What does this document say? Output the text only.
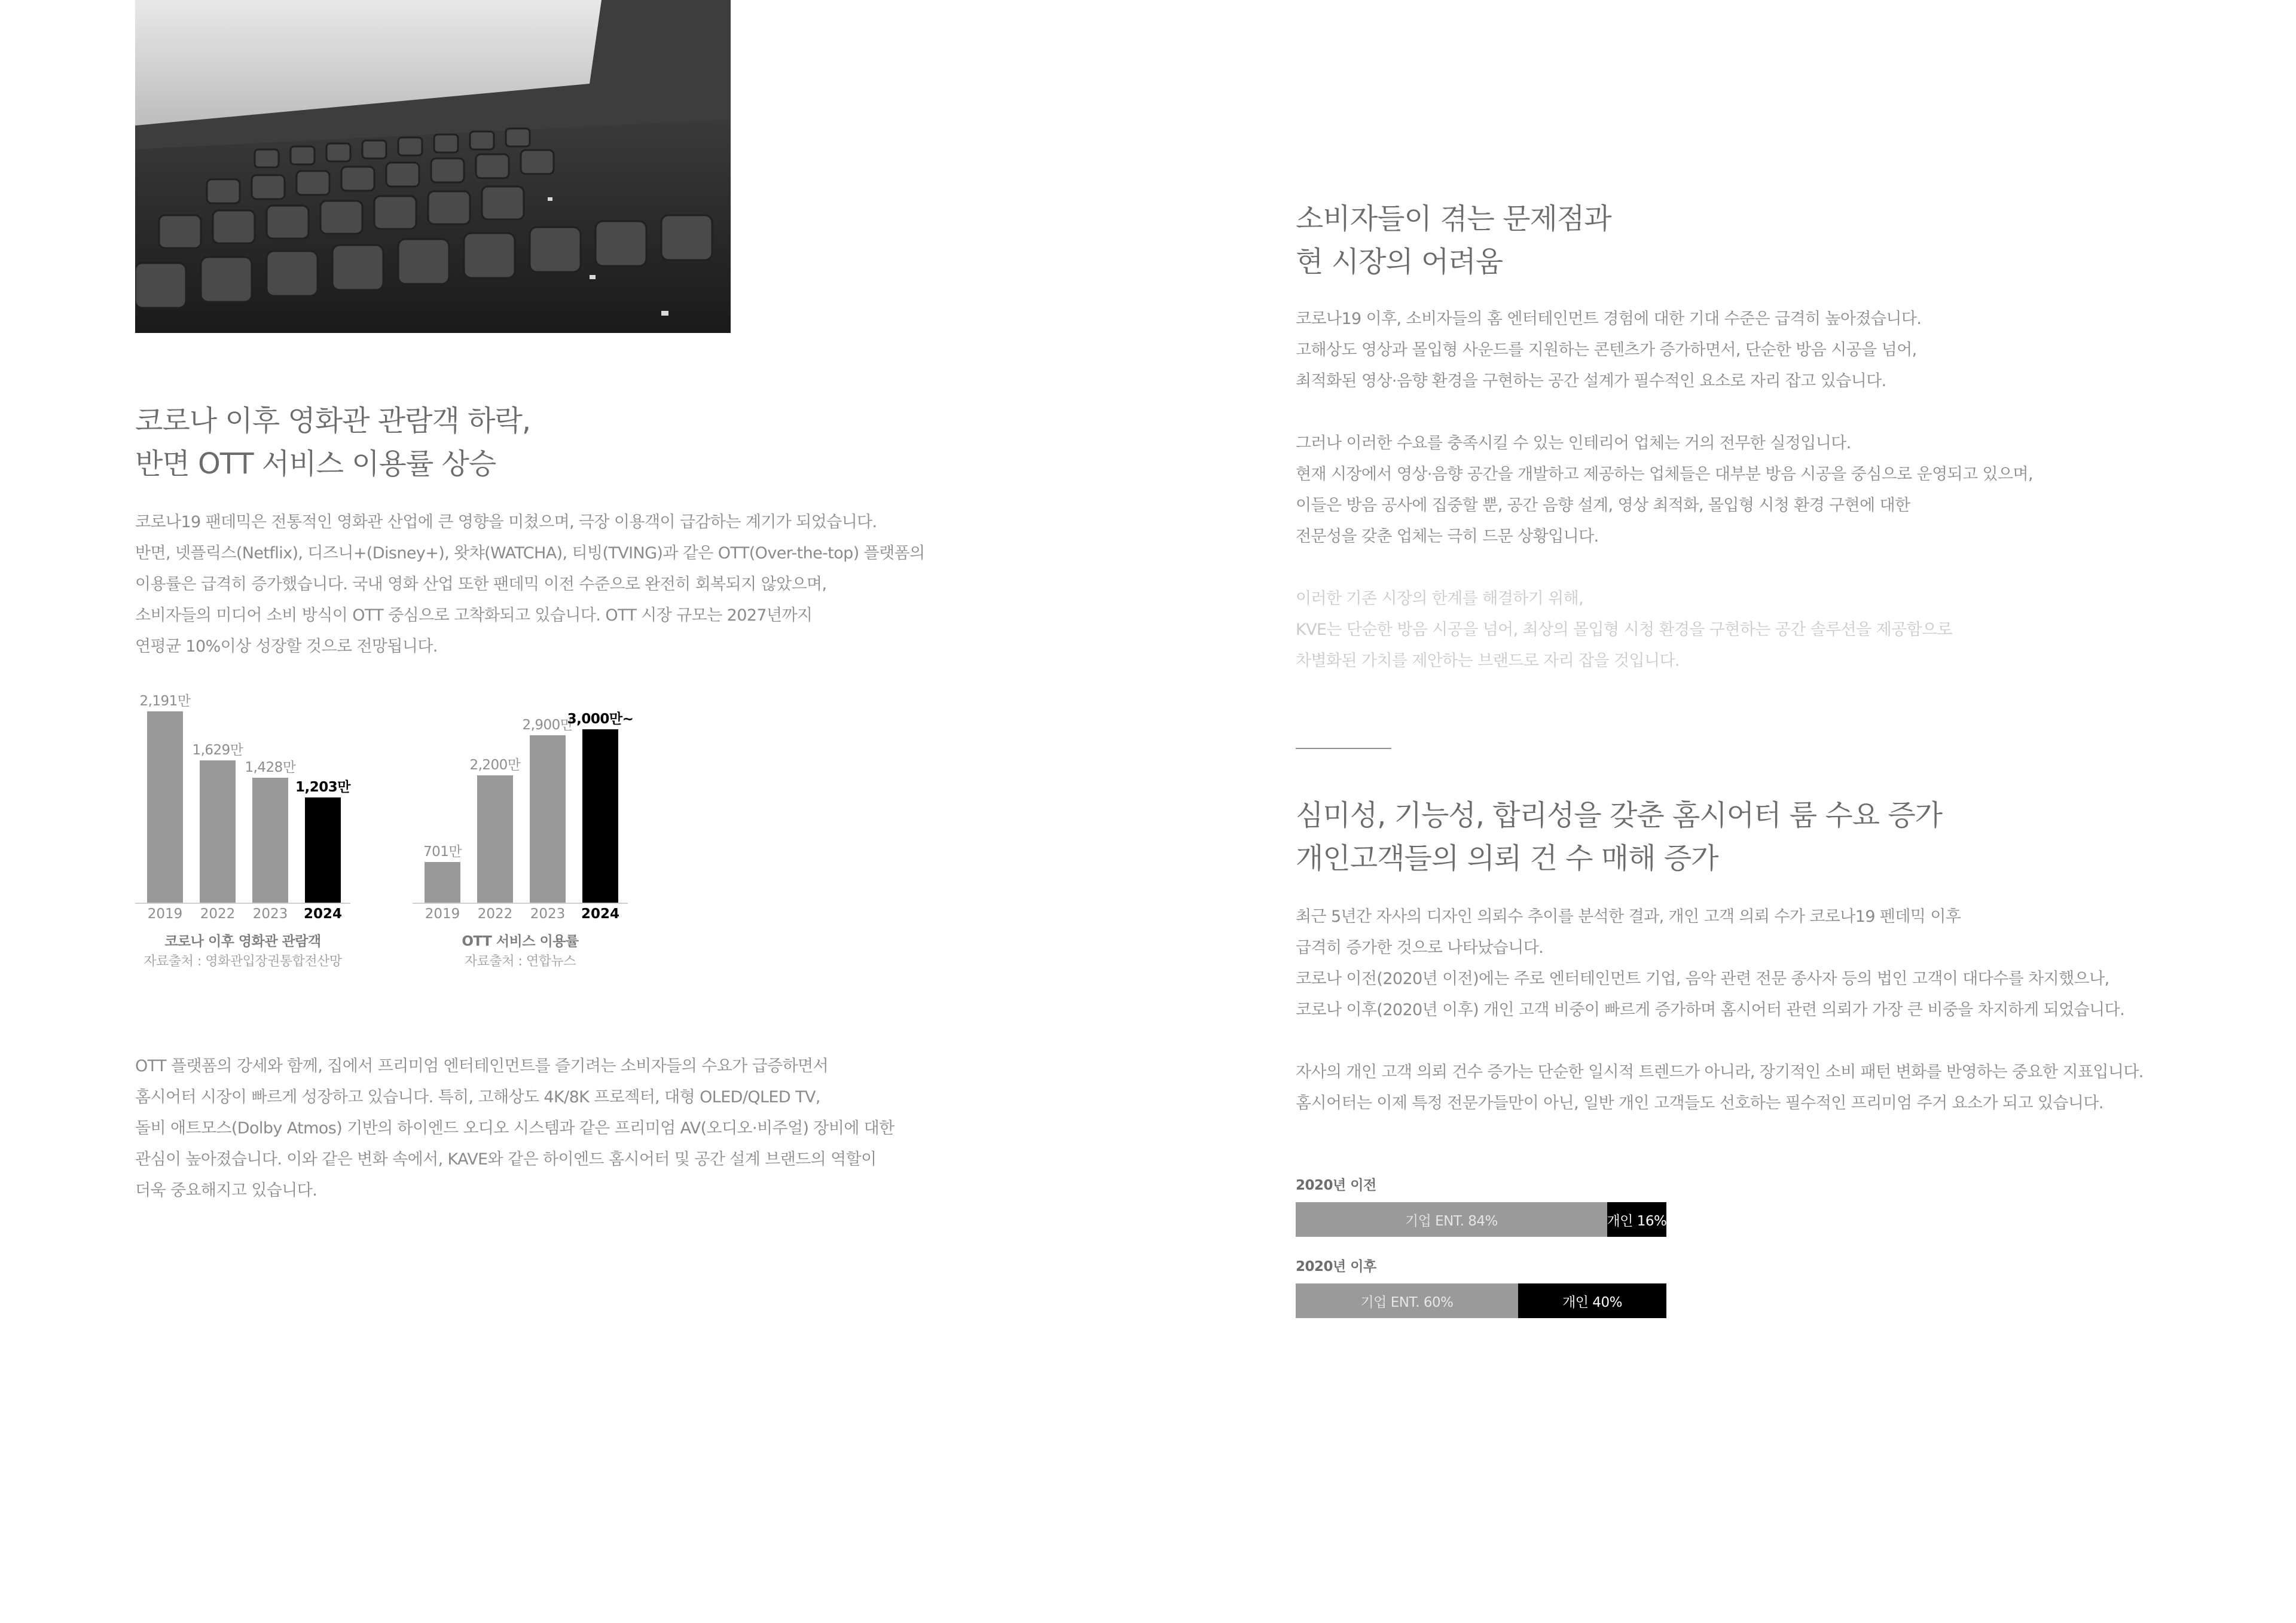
코로나 이후 영화관 관람객 하락,
반면 OTT 서비스 이용률 상승

코로나19 팬데믹은 전통적인 영화관 산업에 큰 영향을 미쳤으며, 극장 이용객이 급감하는 계기가 되었습니다.

반면, 넷플릭스(Netflix), 디즈니+(Disney+), 왓챠(WATCHA), 티빙(TVING)과 같은 OTT(Over-the-top) 플랫폼의

이용률은 급격히 증가했습니다. 국내 영화 산업 또한 팬데믹 이전 수준으로 완전히 회복되지 않았으며,

소비자들의 미디어 소비 방식이 OTT 중심으로 고착화되고 있습니다. OTT 시장 규모는 2027년까지

연평균 10%이상 성장할 것으로 전망됩니다.

2,191만
2019
1,629만
2022
1,428만
2023
1,203만
2024
코로나 이후 영화관 관람객
자료출처 : 영화관입장권통합전산망
701만
2019
2,200만
2022
2,900만
2023
3,000만~
2024
OTT 서비스 이용률
자료출처 : 연합뉴스

OTT 플랫폼의 강세와 함께, 집에서 프리미엄 엔터테인먼트를 즐기려는 소비자들의 수요가 급증하면서

홈시어터 시장이 빠르게 성장하고 있습니다. 특히, 고해상도 4K/8K 프로젝터, 대형 OLED/QLED TV,

돌비 애트모스(Dolby Atmos) 기반의 하이엔드 오디오 시스템과 같은 프리미엄 AV(오디오·비주얼) 장비에 대한

관심이 높아졌습니다. 이와 같은 변화 속에서, KAVE와 같은 하이엔드 홈시어터 및 공간 설계 브랜드의 역할이

더욱 중요해지고 있습니다.

소비자들이 겪는 문제점과
현 시장의 어려움

코로나19 이후, 소비자들의 홈 엔터테인먼트 경험에 대한 기대 수준은 급격히 높아졌습니다.

고해상도 영상과 몰입형 사운드를 지원하는 콘텐츠가 증가하면서, 단순한 방음 시공을 넘어,

최적화된 영상·음향 환경을 구현하는 공간 설계가 필수적인 요소로 자리 잡고 있습니다.

그러나 이러한 수요를 충족시킬 수 있는 인테리어 업체는 거의 전무한 실정입니다.

현재 시장에서 영상·음향 공간을 개발하고 제공하는 업체들은 대부분 방음 시공을 중심으로 운영되고 있으며,

이들은 방음 공사에 집중할 뿐, 공간 음향 설계, 영상 최적화, 몰입형 시청 환경 구현에 대한

전문성을 갖춘 업체는 극히 드문 상황입니다.

이러한 기존 시장의 한계를 해결하기 위해,

KVE는 단순한 방음 시공을 넘어, 최상의 몰입형 시청 환경을 구현하는 공간 솔루션을 제공함으로

차별화된 가치를 제안하는 브랜드로 자리 잡을 것입니다.

심미성, 기능성, 합리성을 갖춘 홈시어터 룸 수요 증가
개인고객들의 의뢰 건 수 매해 증가

최근 5년간 자사의 디자인 의뢰수 추이를 분석한 결과, 개인 고객 의뢰 수가 코로나19 펜데믹 이후

급격히 증가한 것으로 나타났습니다.

코로나 이전(2020년 이전)에는 주로 엔터테인먼트 기업, 음악 관련 전문 종사자 등의 법인 고객이 대다수를 차지했으나,

코로나 이후(2020년 이후) 개인 고객 비중이 빠르게 증가하며 홈시어터 관련 의뢰가 가장 큰 비중을 차지하게 되었습니다.

자사의 개인 고객 의뢰 건수 증가는 단순한 일시적 트렌드가 아니라, 장기적인 소비 패턴 변화를 반영하는 중요한 지표입니다.

홈시어터는 이제 특정 전문가들만이 아닌, 일반 개인 고객들도 선호하는 필수적인 프리미엄 주거 요소가 되고 있습니다.

2020년 이전
기업 ENT. 84%	개인 16%
2020년 이후
기업 ENT. 60%	개인 40%
